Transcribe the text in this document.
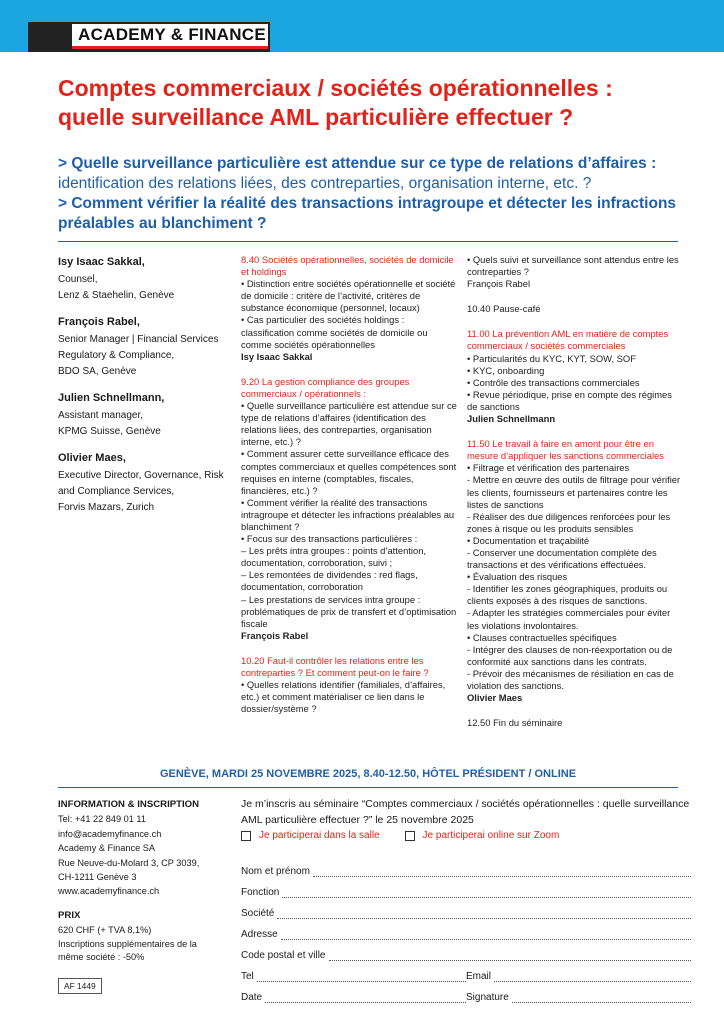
ACADEMY & FINANCE
Comptes commerciaux / sociétés opérationnelles : quelle surveillance AML particulière effectuer ?
> Quelle surveillance particulière est attendue sur ce type de relations d’affaires :
identification des relations liées, des contreparties, organisation interne, etc. ?
> Comment vérifier la réalité des transactions intragroupe et détecter les infractions préalables au blanchiment ?
Isy Isaac Sakkal,
Counsel,
Lenz & Staehelin, Genève
François Rabel,
Senior Manager | Financial Services
Regulatory & Compliance,
BDO SA, Genève
Julien Schnellmann,
Assistant manager,
KPMG Suisse, Genève
Olivier Maes,
Executive Director, Governance, Risk
and Compliance Services,
Forvis Mazars, Zurich
8.40 Sociétés opérationnelles, sociétés de domicile et holdings
• Distinction entre sociétés opérationnelle et société de domicile : critère de l’activité, critères de substance économique (personnel, locaux)
• Cas particulier des sociétés holdings : classification comme sociétés de domicile ou comme sociétés opérationnelles
Isy Isaac Sakkal
9.20 La gestion compliance des groupes commerciaux / opérationnels :
• Quelle surveillance particulière est attendue sur ce type de relations d’affaires (identification des relations liées, des contreparties, organisation interne, etc.) ?
• Comment assurer cette surveillance efficace des comptes commerciaux et quelles compétences sont requises en interne (comptables, fiscales, financières, etc.) ?
• Comment vérifier la réalité des transactions intragroupe et détecter les infractions préalables au blanchiment ?
• Focus sur des transactions particulières :
– Les prêts intra groupes : points d’attention, documentation, corroboration, suivi ;
– Les remontées de dividendes : red flags, documentation, corroboration
– Les prestations de services intra groupe : problématiques de prix de transfert et d’optimisation fiscale
François Rabel
10.20 Faut-il contrôler les relations entre les contreparties ? Et comment peut-on le faire ?
• Quelles relations identifier (familiales, d’affaires, etc.) et comment matérialiser ce lien dans le dossier/système ?
• Quels suivi et surveillance sont attendus entre les contreparties ?
François Rabel
10.40 Pause-café
11.00 La prévention AML en matière de comptes commerciaux / sociétés commerciales
• Particularités du KYC, KYT, SOW, SOF
• KYC, onboarding
• Contrôle des transactions commerciales
• Revue périodique, prise en compte des régimes de sanctions
Julien Schnellmann
11.50 Le travail à faire en amont pour être en mesure d’appliquer les sanctions commerciales
• Filtrage et vérification des partenaires
- Mettre en œuvre des outils de filtrage pour vérifier les clients, fournisseurs et partenaires contre les listes de sanctions
- Réaliser des due diligences renforcées pour les zones à risque ou les produits sensibles
• Documentation et traçabilité
- Conserver une documentation complète des transactions et des vérifications effectuées.
• Évaluation des risques
- Identifier les zones géographiques, produits ou clients exposés à des risques de sanctions.
- Adapter les stratégies commerciales pour éviter les violations involontaires.
• Clauses contractuelles spécifiques
- Intégrer des clauses de non-réexportation ou de conformité aux sanctions dans les contrats.
- Prévoir des mécanismes de résiliation en cas de violation des sanctions.
Olivier Maes
12.50 Fin du séminaire
GENÈVE, MARDI 25 NOVEMBRE 2025, 8.40-12.50, HÔTEL PRÉSIDENT / ONLINE
INFORMATION & INSCRIPTION
Tel: +41 22 849 01 11
info@academyfinance.ch
Academy & Finance SA
Rue Neuve-du-Molard 3, CP 3039,
CH-1211 Genève 3
www.academyfinance.ch
PRIX
620 CHF (+ TVA 8,1%)
Inscriptions supplémentaires de la même société : -50%
AF 1449
Je m’inscris au séminaire “Comptes commerciaux / sociétés opérationnelles : quelle surveillance AML particulière effectuer ?” le 25 novembre 2025
Je participerai dans la salle
	Je participerai online sur Zoom
Nom et prénom
Fonction
Société
Adresse
Code postal et ville
Tel	Email
Date	Signature
